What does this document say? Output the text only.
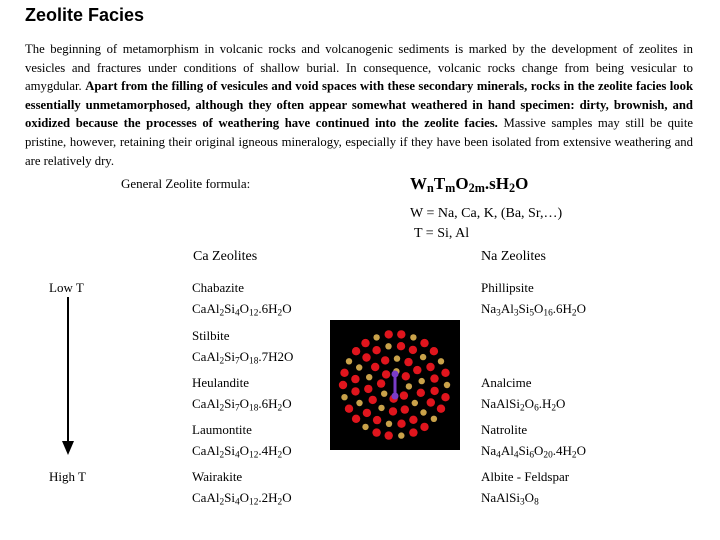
Zeolite Facies
The beginning of metamorphism in volcanic rocks and volcanogenic sediments is marked by the development of zeolites in vesicles and fractures under conditions of shallow burial. In consequence, volcanic rocks change from being vesicular to amygdular. Apart from the filling of vesicules and void spaces with these secondary minerals, rocks in the zeolite facies look essentially unmetamorphosed, although they often appear somewhat weathered in hand specimen: dirty, brownish, and oxidized because the processes of weathering have continued into the zeolite facies. Massive samples may still be quite pristine, however, retaining their original igneous mineralogy, especially if they have been isolated from extensive weathering and are relatively dry.
General Zeolite formula:	$W_nT_mO_{2m}.sH_2O$
W = Na, Ca, K, (Ba, Sr,…)
T = Si, Al
Ca Zeolites	Na Zeolites
Low T
High T
Chabazite
$CaAl_2Si_4O_{12}.6H_2O$
Stilbite
$CaAl_2Si_7O_{18}.7H2O$
Heulandite
$CaAl_2Si_7O_{18}.6H_2O$
Laumontite
$CaAl_2Si_4O_{12}.4H_2O$
Wairakite
$CaAl_2Si_4O_{12}.2H_2O$
Phillipsite
$Na_3Al_3Si_5O_{16}.6H_2O$
Analcime
$NaAlSi_2O_6.H_2O$
Natrolite
$Na_4Al_4Si_6O_{20}.4H_2O$
Albite - Feldspar
$NaAlSi_3O_8$
